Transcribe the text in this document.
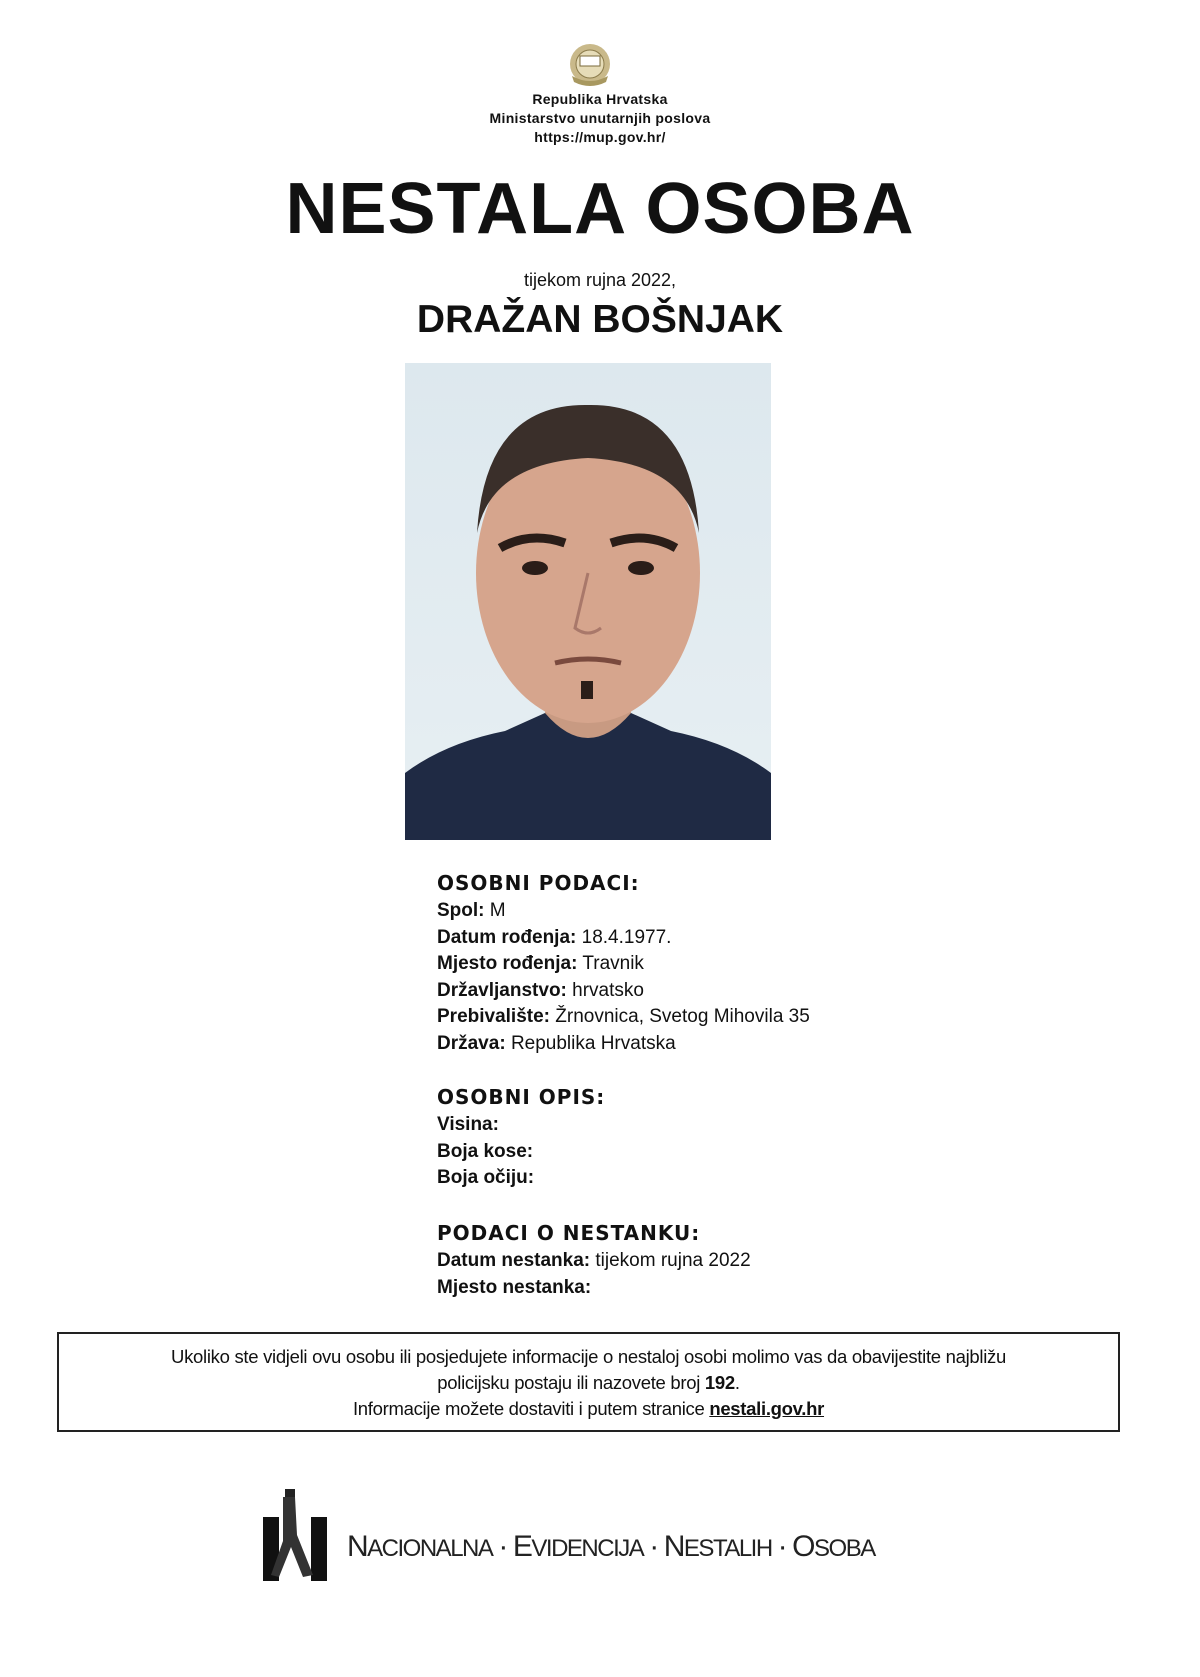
Republika Hrvatska
Ministarstvo unutarnjih poslova
https://mup.gov.hr/
NESTALA OSOBA
tijekom rujna 2022,
DRAŽAN BOŠNJAK
OSOBNI PODACI:
Spol: M
Datum rođenja: 18.4.1977.
Mjesto rođenja: Travnik
Državljanstvo: hrvatsko
Prebivalište: Žrnovnica, Svetog Mihovila 35
Država: Republika Hrvatska
OSOBNI OPIS:
Visina:
Boja kose:
Boja očiju:
PODACI O NESTANKU:
Datum nestanka: tijekom rujna 2022
Mjesto nestanka:
Ukoliko ste vidjeli ovu osobu ili posjedujete informacije o nestaloj osobi molimo vas da obavijestite najbližu
policijsku postaju ili nazovete broj 192.
Informacije možete dostaviti i putem stranice nestali.gov.hr
NACIONALNA · EVIDENCIJA · NESTALIH · OSOBA
